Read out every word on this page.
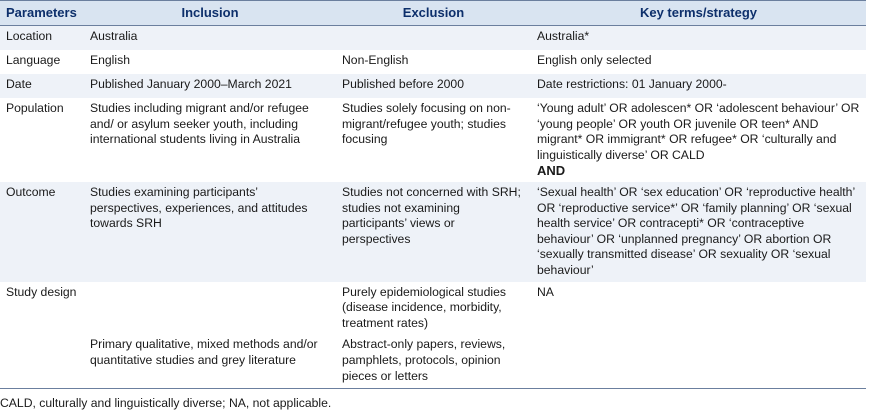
Parameters	Inclusion	Exclusion	Key terms/strategy
Location	Australia		Australia*
Language	English	Non-English	English only selected
Date	Published January 2000–March 2021	Published before 2000	Date restrictions: 01 January 2000-
Population	Studies including migrant and/or refugee and/ or asylum seeker youth, including international students living in Australia	Studies solely focusing on non-migrant/refugee youth; studies focusing	‘Young adult’ OR adolescen* OR ‘adolescent behaviour’ OR ‘young people’ OR youth OR juvenile OR teen* AND migrant* OR immigrant* OR refugee* OR ‘culturally and linguistically diverse’ OR CALD
AND

Outcome	Studies examining participants’ perspectives, experiences, and attitudes towards SRH	Studies not concerned with SRH; studies not examining participants’ views or perspectives	‘Sexual health’ OR ‘sex education’ OR ‘reproductive health’ OR ‘reproductive service*’ OR ‘family planning’ OR ‘sexual health service’ OR contracepti* OR ‘contraceptive behaviour’ OR ‘unplanned pregnancy’ OR abortion OR ‘sexually transmitted disease’ OR sexuality OR ‘sexual behaviour’
Study design		Purely epidemiological studies (disease incidence, morbidity, treatment rates)	NA
	Primary qualitative, mixed methods and/or quantitative studies and grey literature	Abstract-only papers, reviews, pamphlets, protocols, opinion pieces or letters	
CALD, culturally and linguistically diverse; NA, not applicable.
